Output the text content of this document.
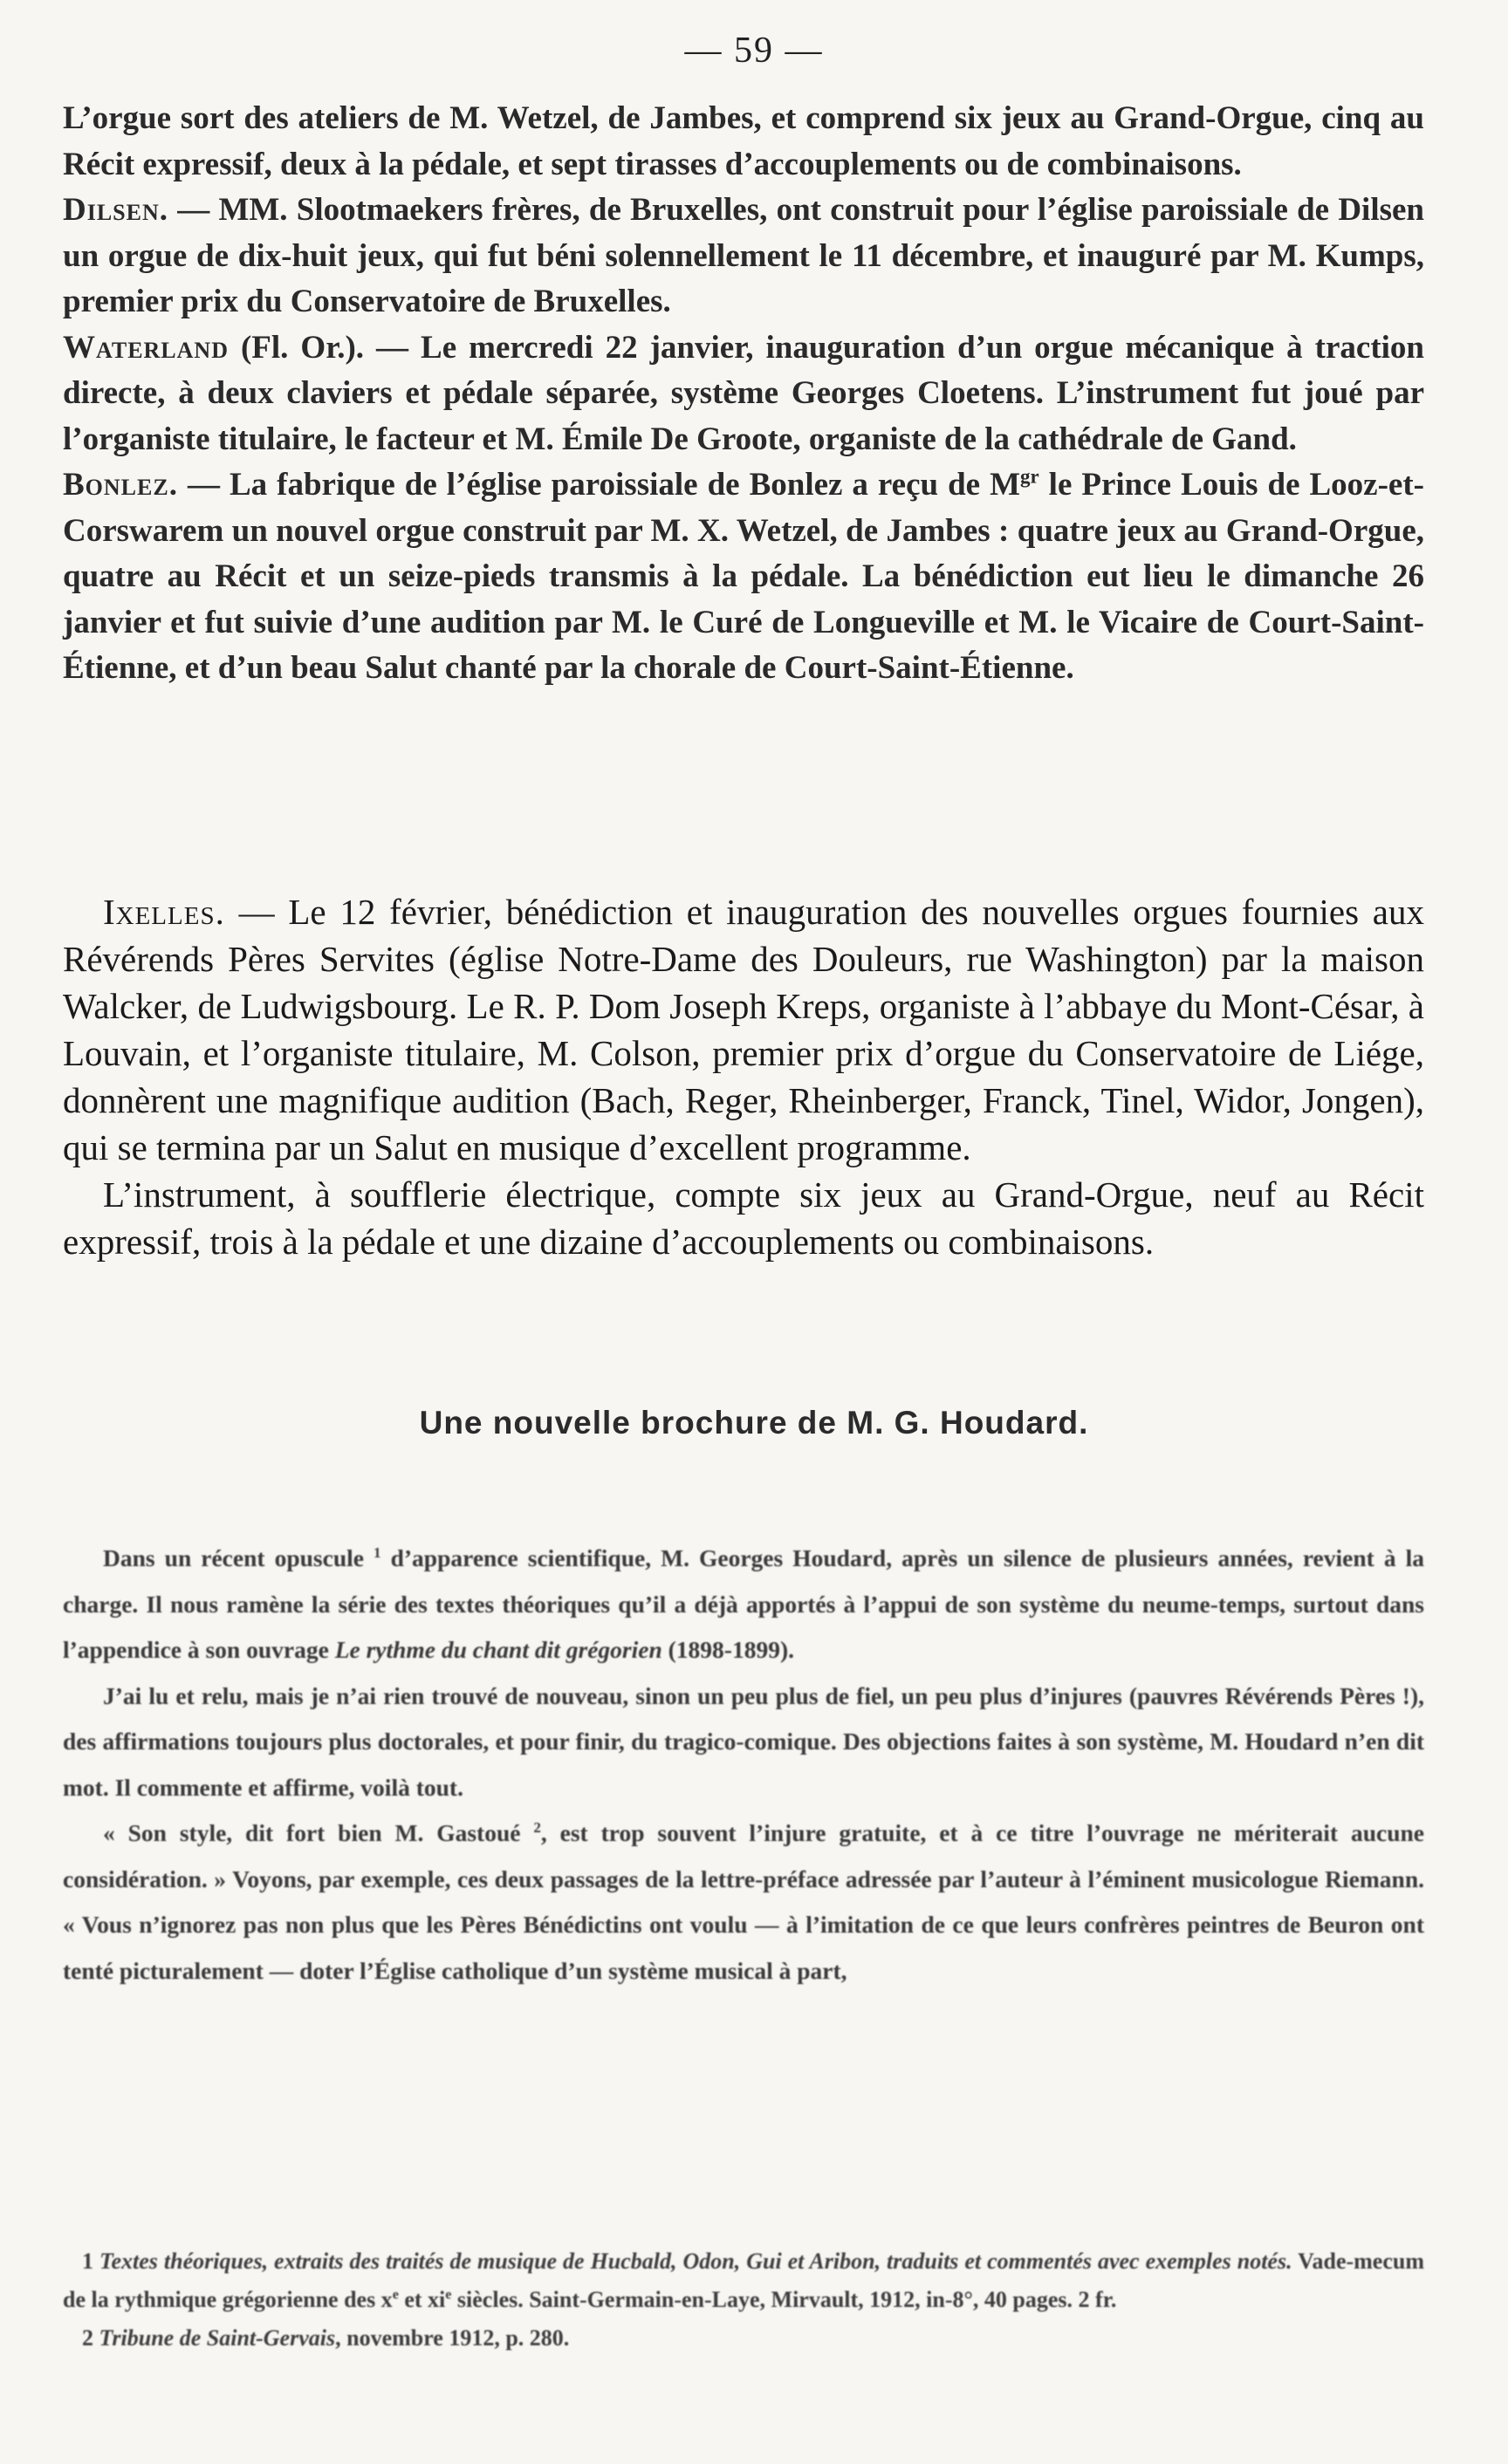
— 59 —

L’orgue sort des ateliers de M. Wetzel, de Jambes, et comprend six jeux au Grand-Orgue, cinq au Récit expressif, deux à la pédale, et sept tirasses d’accouplements ou de combinaisons.

Dilsen. — MM. Slootmaekers frères, de Bruxelles, ont construit pour l’église paroissiale de Dilsen un orgue de dix-huit jeux, qui fut béni solennellement le 11 décembre, et inauguré par M. Kumps, premier prix du Conservatoire de Bruxelles.

Waterland (Fl. Or.). — Le mercredi 22 janvier, inauguration d’un orgue mécanique à traction directe, à deux claviers et pédale séparée, système Georges Cloetens. L’instrument fut joué par l’organiste titulaire, le facteur et M. Émile De Groote, organiste de la cathédrale de Gand.

Bonlez. — La fabrique de l’église paroissiale de Bonlez a reçu de $M^{gr}$ le Prince Louis de Looz-et-Corswarem un nouvel orgue construit par M. X. Wetzel, de Jambes : quatre jeux au Grand-Orgue, quatre au Récit et un seize-pieds transmis à la pédale. La bénédiction eut lieu le dimanche 26 janvier et fut suivie d’une audition par M. le Curé de Longueville et M. le Vicaire de Court-Saint-Étienne, et d’un beau Salut chanté par la chorale de Court-Saint-Étienne.

Ixelles. — Le 12 février, bénédiction et inauguration des nouvelles orgues fournies aux Révérends Pères Servites (église Notre-Dame des Douleurs, rue Washington) par la maison Walcker, de Ludwigsbourg. Le R. P. Dom Joseph Kreps, organiste à l’abbaye du Mont-César, à Louvain, et l’organiste titulaire, M. Colson, premier prix d’orgue du Conservatoire de Liége, donnèrent une magnifique audition (Bach, Reger, Rheinberger, Franck, Tinel, Widor, Jongen), qui se termina par un Salut en musique d’excellent programme.

L’instrument, à soufflerie électrique, compte six jeux au Grand-Orgue, neuf au Récit expressif, trois à la pédale et une dizaine d’accouplements ou combinaisons.

Une nouvelle brochure de M. G. Houdard.

Dans un récent opuscule $^1$ d’apparence scientifique, M. Georges Houdard, après un silence de plusieurs années, revient à la charge. Il nous ramène la série des textes théoriques qu’il a déjà apportés à l’appui de son système du neume-temps, surtout dans l’appendice à son ouvrage Le rythme du chant dit grégorien (1898-1899).

J’ai lu et relu, mais je n’ai rien trouvé de nouveau, sinon un peu plus de fiel, un peu plus d’injures (pauvres Révérends Pères !), des affirmations toujours plus doctorales, et pour finir, du tragico-comique. Des objections faites à son système, M. Houdard n’en dit mot. Il commente et affirme, voilà tout.

« Son style, dit fort bien M. Gastoué $^2$, est trop souvent l’injure gratuite, et à ce titre l’ouvrage ne mériterait aucune considération. » Voyons, par exemple, ces deux passages de la lettre-préface adressée par l’auteur à l’éminent musicologue Riemann. « Vous n’ignorez pas non plus que les Pères Bénédictins ont voulu — à l’imitation de ce que leurs confrères peintres de Beuron ont tenté picturalement — doter l’Église catholique d’un système musical à part,

1 Textes théoriques, extraits des traités de musique de Hucbald, Odon, Gui et Aribon, traduits et commentés avec exemples notés. Vade-mecum de la rythmique grégorienne des $x^e$ et $xi^e$ siècles. Saint-Germain-en-Laye, Mirvault, 1912, in-8°, 40 pages. 2 fr.

2 Tribune de Saint-Gervais, novembre 1912, p. 280.
